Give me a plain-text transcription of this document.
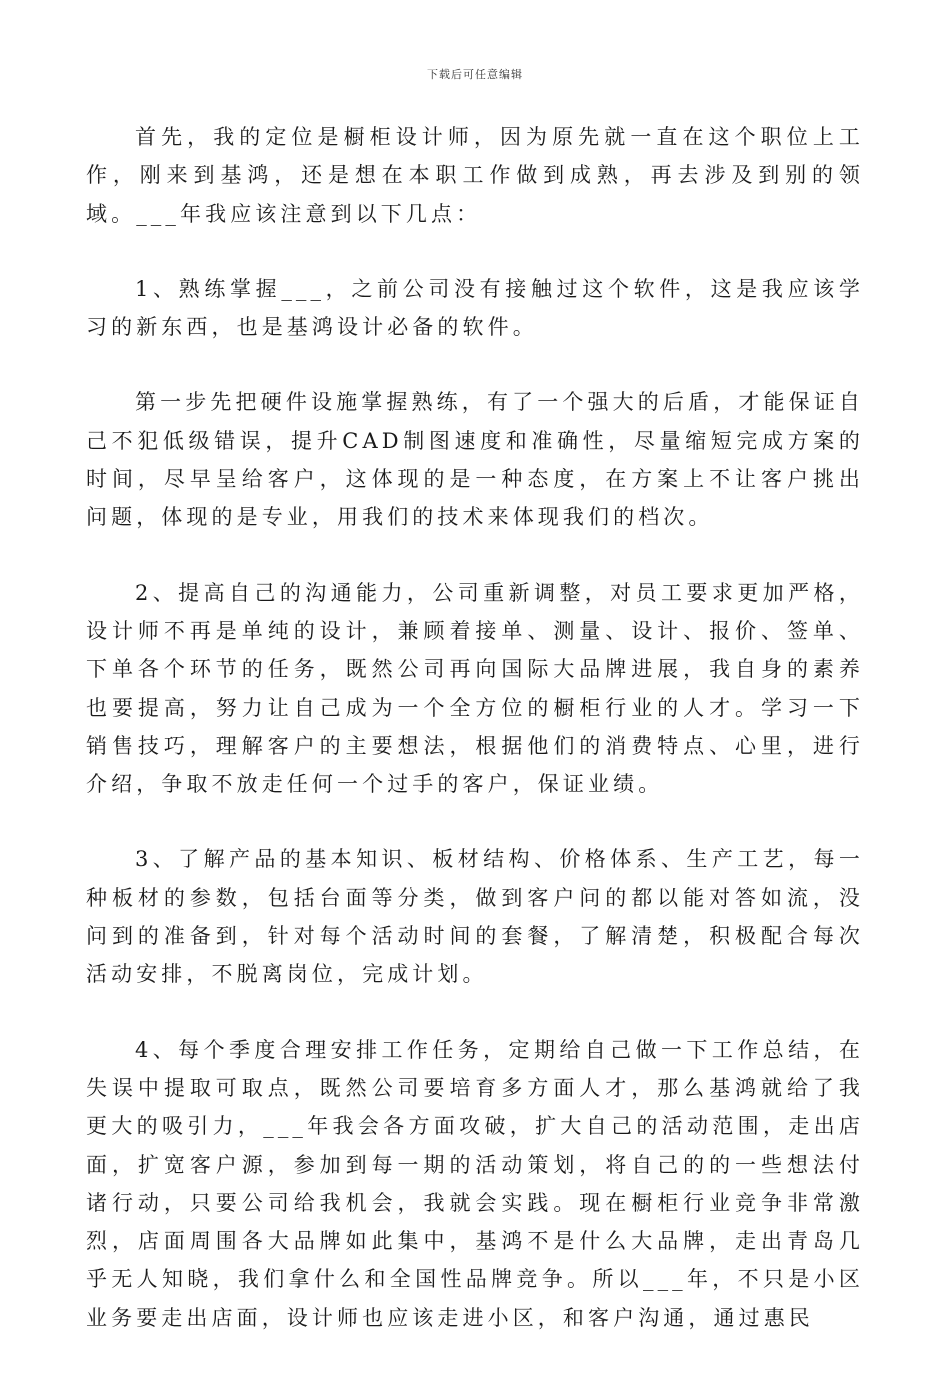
下载后可任意编辑

首先，我的定位是橱柜设计师，因为原先就一直在这个职位上工作，刚来到基鸿，还是想在本职工作做到成熟，再去涉及到别的领域。___年我应该注意到以下几点：

1、熟练掌握___，之前公司没有接触过这个软件，这是我应该学习的新东西，也是基鸿设计必备的软件。

第一步先把硬件设施掌握熟练，有了一个强大的后盾，才能保证自己不犯低级错误，提升CAD制图速度和准确性，尽量缩短完成方案的时间，尽早呈给客户，这体现的是一种态度，在方案上不让客户挑出问题，体现的是专业，用我们的技术来体现我们的档次。

2、提高自己的沟通能力，公司重新调整，对员工要求更加严格，设计师不再是单纯的设计，兼顾着接单、测量、设计、报价、签单、下单各个环节的任务，既然公司再向国际大品牌进展，我自身的素养也要提高，努力让自己成为一个全方位的橱柜行业的人才。学习一下销售技巧，理解客户的主要想法，根据他们的消费特点、心里，进行介绍，争取不放走任何一个过手的客户，保证业绩。

3、了解产品的基本知识、板材结构、价格体系、生产工艺，每一种板材的参数，包括台面等分类，做到客户问的都以能对答如流，没问到的准备到，针对每个活动时间的套餐，了解清楚，积极配合每次活动安排，不脱离岗位，完成计划。

4、每个季度合理安排工作任务，定期给自己做一下工作总结，在失误中提取可取点，既然公司要培育多方面人才，那么基鸿就给了我更大的吸引力，___年我会各方面攻破，扩大自己的活动范围，走出店面，扩宽客户源，参加到每一期的活动策划，将自己的的一些想法付诸行动，只要公司给我机会，我就会实践。现在橱柜行业竞争非常激烈，店面周围各大品牌如此集中，基鸿不是什么大品牌，走出青岛几乎无人知晓，我们拿什么和全国性品牌竞争。所以___年，不只是小区业务要走出店面，设计师也应该走进小区，和客户沟通，通过惠民
